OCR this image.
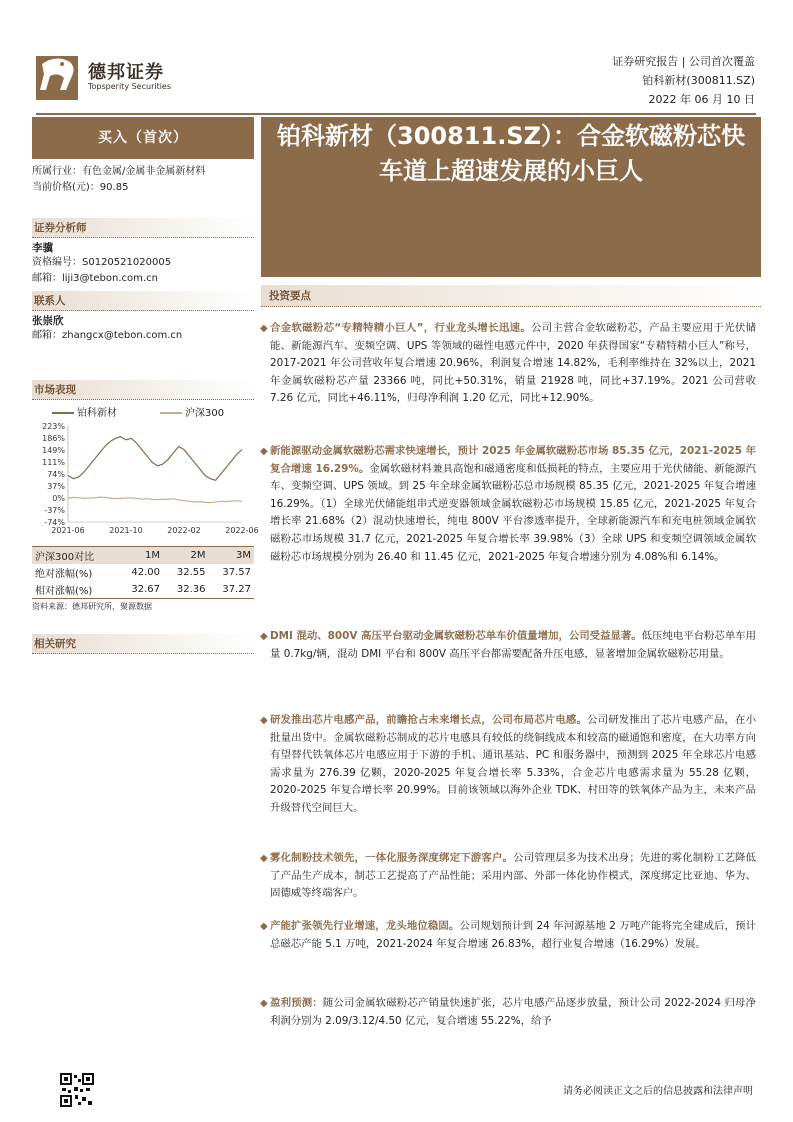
德邦证券
Topsperity Securities
证券研究报告 | 公司首次覆盖
铂科新材(300811.SZ)
2022 年 06 月 10 日
买入（首次）
所属行业：有色金属/金属非金属新材料
当前价格(元)：90.85
证券分析师
李骥
资格编号：S0120521020005
邮箱：liji3@tebon.com.cn
联系人
张崇欣
邮箱：zhangcx@tebon.com.cn
市场表现
铂科新材	沪深300
223%
186%
149%
111%
74%
37%
0%
-37%
-74%
2021-06	2021-10	2022-02	2022-06
沪深300对比	1M	2M	3M
绝对涨幅(%)	42.00	32.55	37.57
相对涨幅(%)	32.67	32.36	37.27
资料来源：德邦研究所，聚源数据
相关研究
铂科新材（300811.SZ）：合金软磁粉芯快车道上超速发展的小巨人
投资要点
◆ 合金软磁粉芯“专精特精小巨人”，行业龙头增长迅速。公司主营合金软磁粉芯，产品主要应用于光伏储能、新能源汽车、变频空调、UPS 等领域的磁性电感元件中，2020 年获得国家“专精特精小巨人”称号，2017-2021 年公司营收年复合增速 20.96%，利润复合增速 14.82%，毛利率维持在 32%以上，2021 年金属软磁粉芯产量 23366 吨，同比+50.31%，销量 21928 吨，同比+37.19%。2021 公司营收 7.26 亿元，同比+46.11%，归母净利润 1.20 亿元，同比+12.90%。
◆ 新能源驱动金属软磁粉芯需求快速增长，预计 2025 年金属软磁粉芯市场 85.35 亿元，2021-2025 年复合增速 16.29%。金属软磁材料兼具高饱和磁通密度和低损耗的特点，主要应用于光伏储能、新能源汽车、变频空调、UPS 领域。到 25 年全球金属软磁粉芯总市场规模 85.35 亿元，2021-2025 年复合增速 16.29%。（1）全球光伏储能组串式逆变器领域金属软磁粉芯市场规模 15.85 亿元，2021-2025 年复合增长率 21.68%（2）混动快速增长，纯电 800V 平台渗透率提升，全球新能源汽车和充电桩领域金属软磁粉芯市场规模 31.7 亿元，2021-2025 年复合增长率 39.98%（3）全球 UPS 和变频空调领域金属软磁粉芯市场规模分别为 26.40 和 11.45 亿元，2021-2025 年复合增速分别为 4.08%和 6.14%。
◆ DMI 混动、800V 高压平台驱动金属软磁粉芯单车价值量增加，公司受益显著。低压纯电平台粉芯单车用量 0.7kg/辆，混动 DMI 平台和 800V 高压平台都需要配备升压电感，显著增加金属软磁粉芯用量。
◆ 研发推出芯片电感产品，前瞻抢占未来增长点，公司布局芯片电感。公司研发推出了芯片电感产品，在小批量出货中。金属软磁粉芯制成的芯片电感具有较低的绕铜线成本和较高的磁通饱和密度，在大功率方向有望替代铁氧体芯片电感应用于下游的手机、通讯基站、PC 和服务器中，预测到 2025 年全球芯片电感需求量为 276.39 亿颗，2020-2025 年复合增长率 5.33%，合金芯片电感需求量为 55.28 亿颗，2020-2025 年复合增长率 20.99%。目前该领域以海外企业 TDK、村田等的铁氧体产品为主，未来产品升级替代空间巨大。
◆ 雾化制粉技术领先，一体化服务深度绑定下游客户。公司管理层多为技术出身；先进的雾化制粉工艺降低了产品生产成本，制芯工艺提高了产品性能；采用内部、外部一体化协作模式，深度绑定比亚迪、华为、固德威等终端客户。
◆ 产能扩张领先行业增速，龙头地位稳固。公司规划预计到 24 年河源基地 2 万吨产能将完全建成后，预计总磁芯产能 5.1 万吨，2021-2024 年复合增速 26.83%，超行业复合增速（16.29%）发展。
◆ 盈利预测：随公司金属软磁粉芯产销量快速扩张，芯片电感产品逐步放量，预计公司 2022-2024 归母净利润分别为 2.09/3.12/4.50 亿元，复合增速 55.22%，给予
请务必阅读正文之后的信息披露和法律声明
